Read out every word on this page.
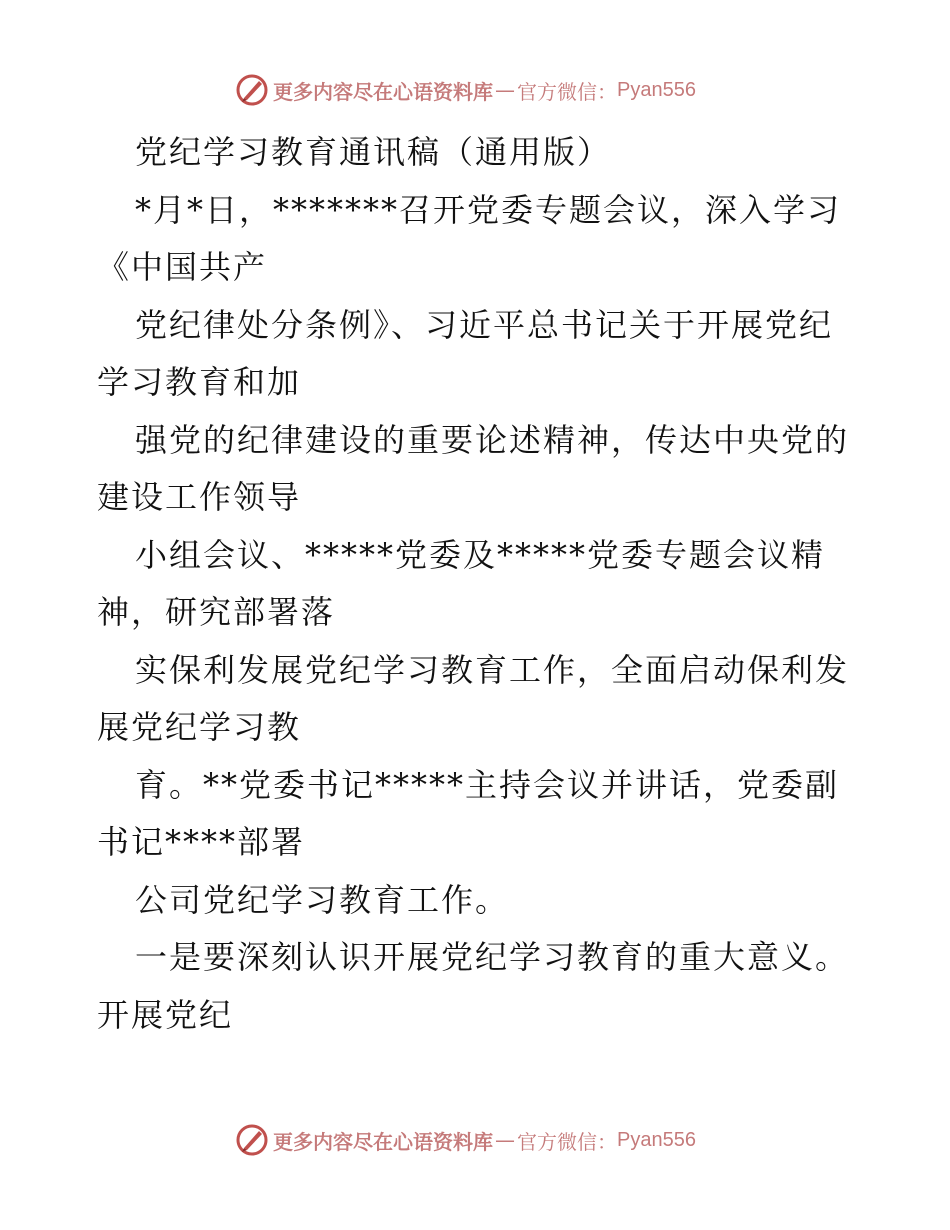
更多内容尽在心语资料库 — 官方微信： Pyan556
党纪学习教育通讯稿（通用版）
*月*日，*******召开党委专题会议，深入学习
《中国共产
党纪律处分条例》、习近平总书记关于开展党纪
学习教育和加
强党的纪律建设的重要论述精神，传达中央党的
建设工作领导
小组会议、*****党委及*****党委专题会议精
神，研究部署落
实保利发展党纪学习教育工作，全面启动保利发
展党纪学习教
育。**党委书记*****主持会议并讲话，党委副
书记****部署
公司党纪学习教育工作。
一是要深刻认识开展党纪学习教育的重大意义。
开展党纪
更多内容尽在心语资料库 — 官方微信： Pyan556
